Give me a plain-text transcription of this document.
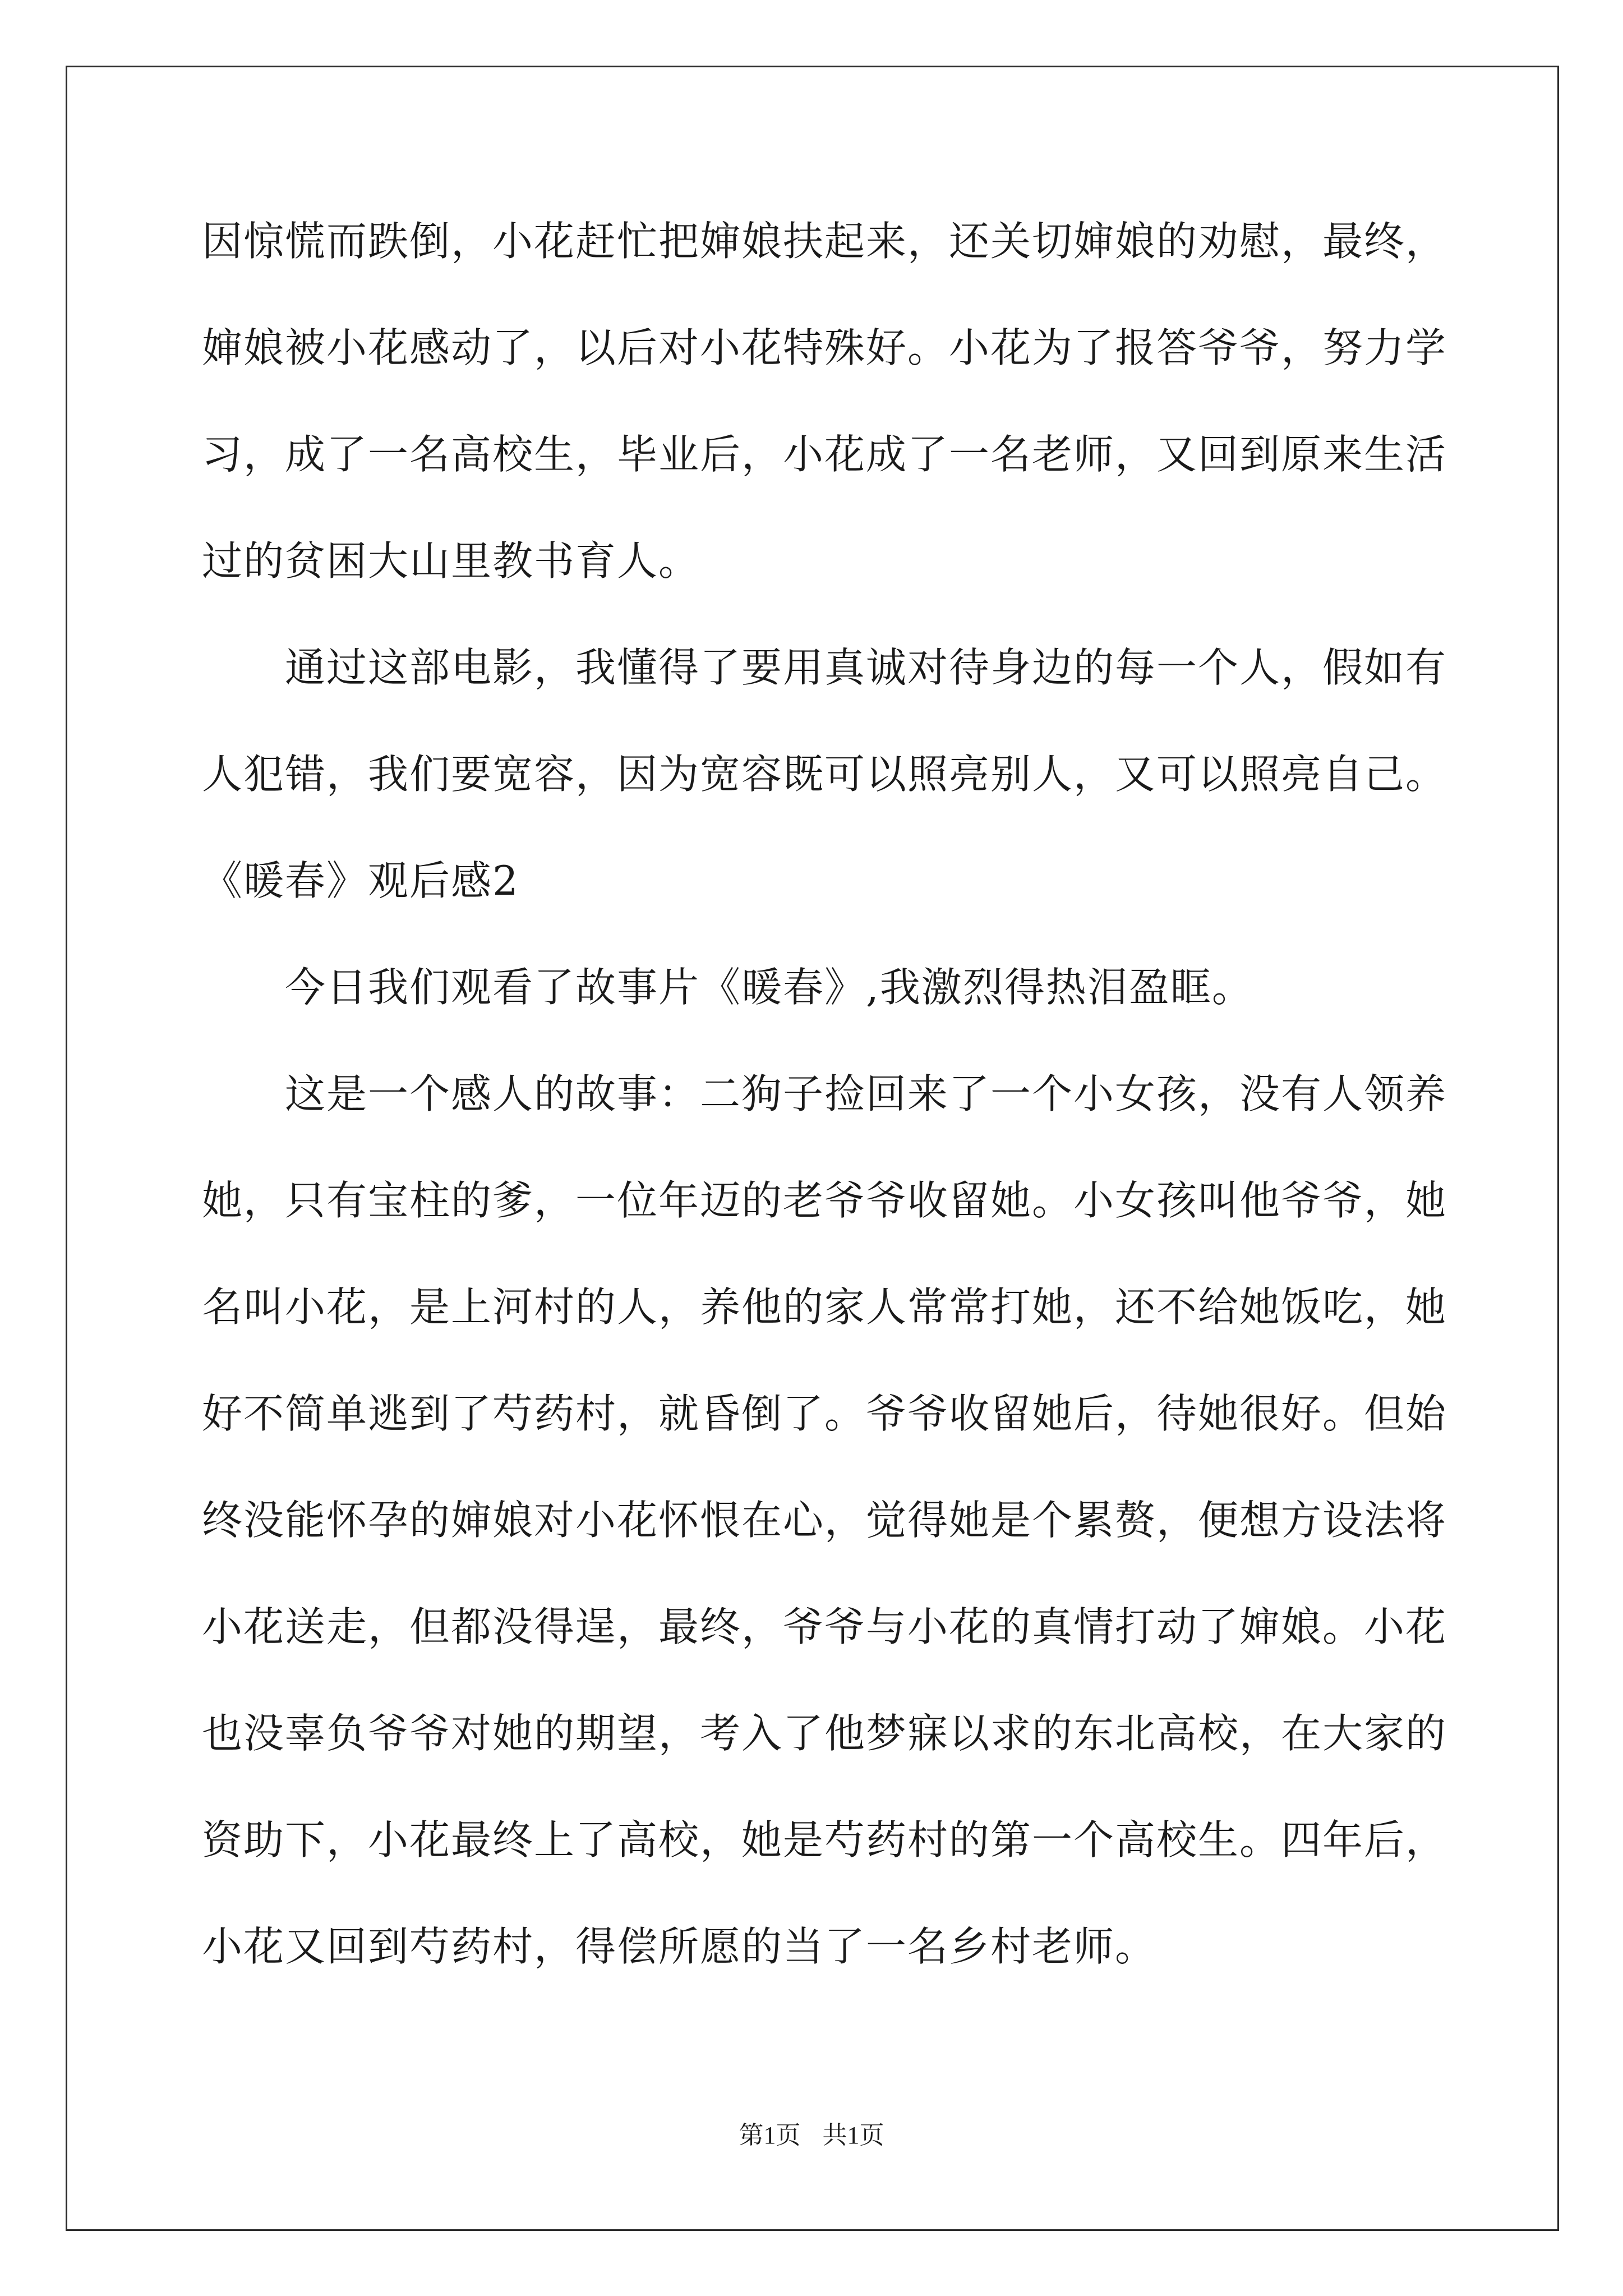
因惊慌而跌倒，小花赶忙把婶娘扶起来，还关切婶娘的劝慰，最终，
婶娘被小花感动了，以后对小花特殊好。小花为了报答爷爷，努力学
习，成了一名高校生，毕业后，小花成了一名老师，又回到原来生活
过的贫困大山里教书育人。
　　通过这部电影，我懂得了要用真诚对待身边的每一个人，假如有
人犯错，我们要宽容，因为宽容既可以照亮别人，又可以照亮自己。
《暖春》观后感2
　　今日我们观看了故事片《暖春》,我激烈得热泪盈眶。
　　这是一个感人的故事：二狗子捡回来了一个小女孩，没有人领养
她，只有宝柱的爹，一位年迈的老爷爷收留她。小女孩叫他爷爷，她
名叫小花，是上河村的人，养他的家人常常打她，还不给她饭吃，她
好不简单逃到了芍药村，就昏倒了。爷爷收留她后，待她很好。但始
终没能怀孕的婶娘对小花怀恨在心，觉得她是个累赘，便想方设法将
小花送走，但都没得逞，最终，爷爷与小花的真情打动了婶娘。小花
也没辜负爷爷对她的期望，考入了他梦寐以求的东北高校，在大家的
资助下，小花最终上了高校，她是芍药村的第一个高校生。四年后，
小花又回到芍药村，得偿所愿的当了一名乡村老师。
第1页 共1页
